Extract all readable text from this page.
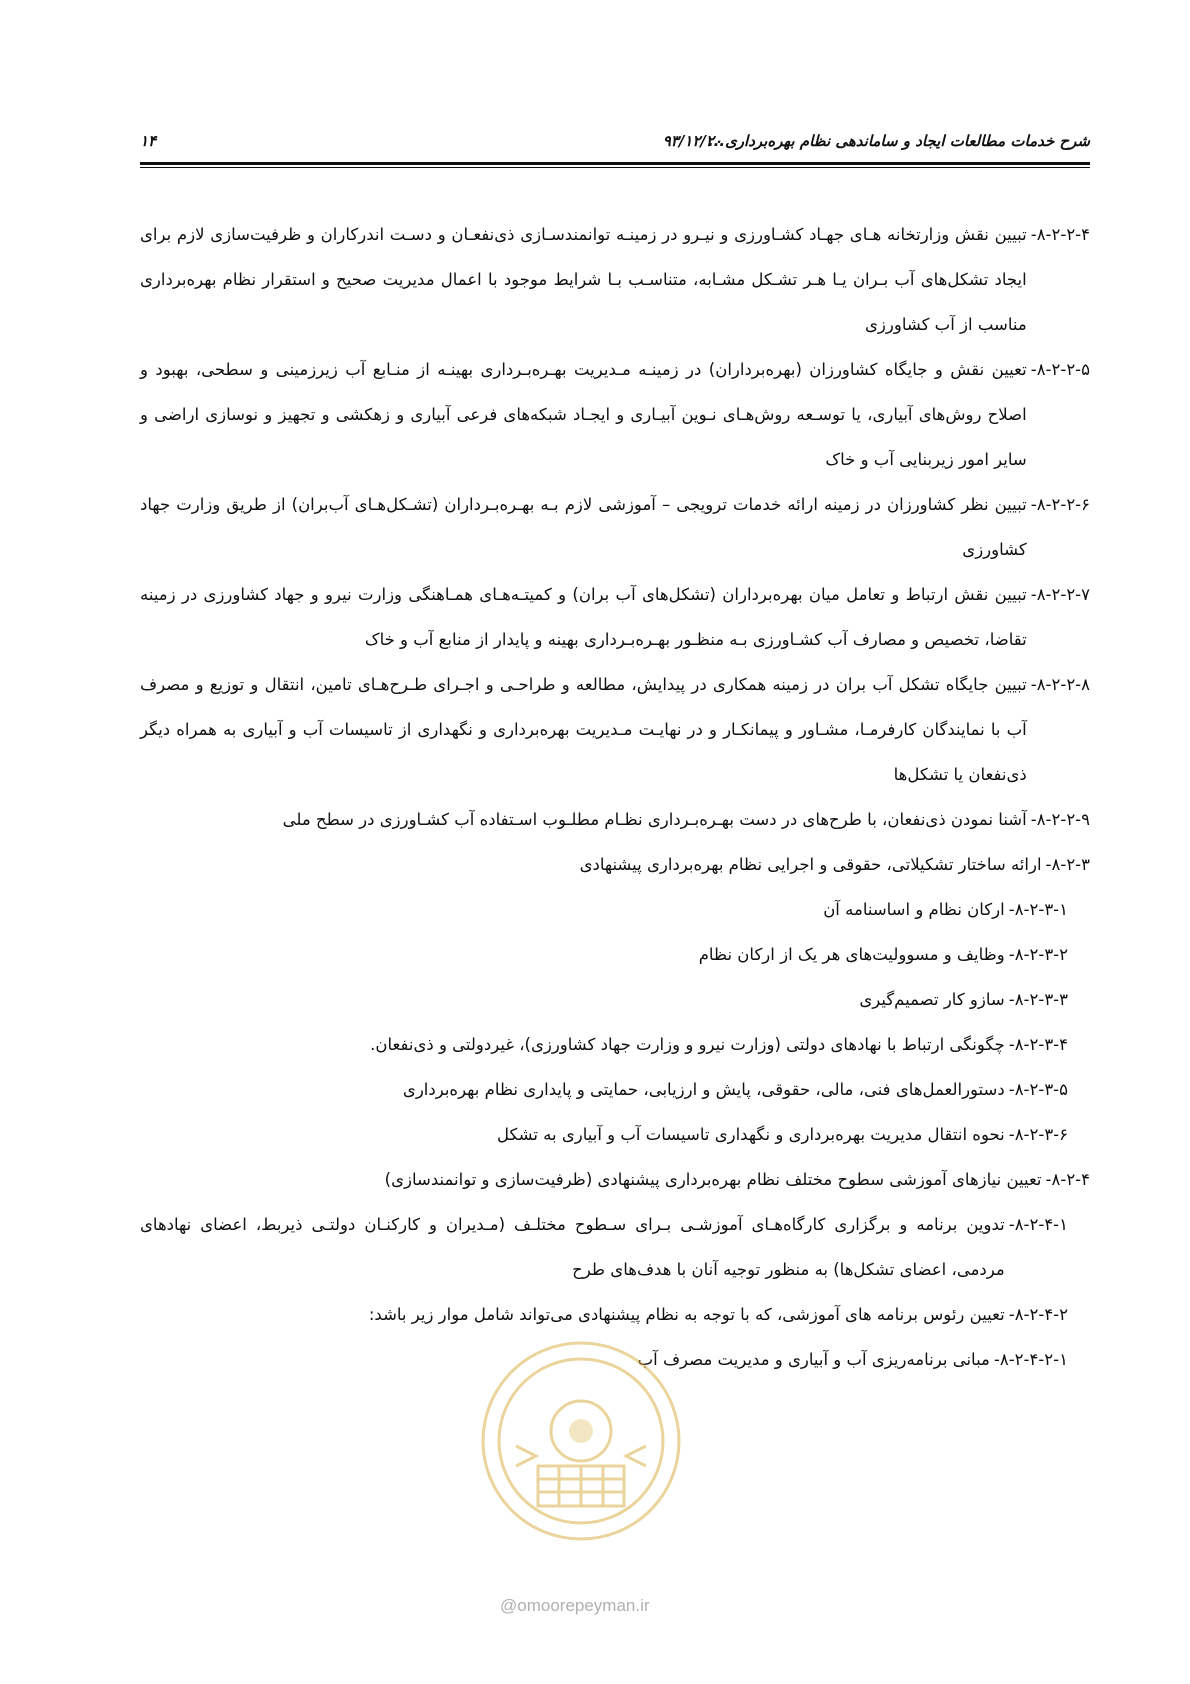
شرح خدمات مطالعات ایجاد و ساماندهی نظام بهره‌برداری...
۹۳/۱۲/۲۰
۱۴
۸-۲-۲-۴-
تبیین نقش وزارتخانه هـای جهـاد کشـاورزی و نیـرو در زمینـه توانمندسـازی ذی‌نفعـان و دسـت اندرکاران و ظرفیت‌سازی لازم برای ایجاد تشکل‌های آب بـران یـا هـر تشـکل مشـابه، متناسـب بـا شرایط موجود با اعمال مدیریت صحیح و استقرار نظام بهره‌برداری مناسب از آب کشاورزی
۸-۲-۲-۵-
تعیین نقش و جایگاه کشاورزان (بهره‌برداران) در زمینـه مـدیریت بهـره‌بـرداری بهینـه از منـابع آب زیرزمینی و سطحی، بهبود و اصلاح روش‌های آبیاری، یا توسـعه روش‌هـای نـوین آبیـاری و ایجـاد شبکه‌های فرعی آبیاری و زهکشی و تجهیز و نوسازی اراضی و سایر امور زیربنایی آب و خاک
۸-۲-۲-۶-
تبیین نظر کشاورزان در زمینه ارائه خدمات ترویجی – آموزشی لازم بـه بهـره‌بـرداران (تشـکل‌هـای آب‌بران) از طریق وزارت جهاد کشاورزی
۸-۲-۲-۷-
تبیین نقش ارتباط و تعامل میان بهره‌برداران (تشکل‌های آب بران) و کمیتـه‌هـای همـاهنگی وزارت نیرو و جهاد کشاورزی در زمینه تقاضا، تخصیص و مصارف آب کشـاورزی بـه منظـور بهـره‌بـرداری بهینه و پایدار از منابع آب و خاک
۸-۲-۲-۸-
تبیین جایگاه تشکل آب بران در زمینه همکاری در پیدایش، مطالعه و طراحـی و اجـرای طـرح‌هـای تامین، انتقال و توزیع و مصرف آب با نمایندگان کارفرمـا، مشـاور و پیمانکـار و در نهایـت مـدیریت بهره‌برداری و نگهداری از تاسیسات آب و آبیاری به همراه دیگر ذی‌نفعان یا تشکل‌ها
۸-۲-۲-۹-
آشنا نمودن ذی‌نفعان، با طرح‌های در دست بهـره‌بـرداری نظـام مطلـوب اسـتفاده آب کشـاورزی در سطح ملی
۸-۲-۳-
ارائه ساختار تشکیلاتی، حقوقی و اجرایی نظام بهره‌برداری پیشنهادی
۸-۲-۳-۱-
ارکان نظام و اساسنامه آن
۸-۲-۳-۲-
وظایف و مسوولیت‌های هر یک از ارکان نظام
۸-۲-۳-۳-
سازو کار تصمیم‌گیری
۸-۲-۳-۴-
چگونگی ارتباط با نهادهای دولتی (وزارت نیرو و وزارت جهاد کشاورزی)، غیردولتی و ذی‌نفعان.
۸-۲-۳-۵-
دستورالعمل‌های فنی، مالی، حقوقی، پایش و ارزیابی، حمایتی و پایداری نظام بهره‌برداری
۸-۲-۳-۶-
نحوه انتقال مدیریت بهره‌برداری و نگهداری تاسیسات آب و آبیاری به تشکل
۸-۲-۴-
تعیین نیازهای آموزشی سطوح مختلف نظام بهره‌برداری پیشنهادی (ظرفیت‌سازی و توانمندسازی)
۸-۲-۴-۱-
تدوین برنامه و برگزاری کارگاه‌هـای آموزشـی بـرای سـطوح مختلـف (مـدیران و کارکنـان دولتـی ذیربط، اعضای نهادهای مردمی، اعضای تشکل‌ها) به منظور توجیه آنان با هدف‌های طرح
۸-۲-۴-۲-
تعیین رئوس برنامه های آموزشی، که با توجه به نظام پیشنهادی می‌تواند شامل موار زیر باشد:
۸-۲-۴-۲-۱-
مبانی برنامه‌ریزی آب و آبیاری و مدیریت مصرف آب
@omoorepeyman.ir
